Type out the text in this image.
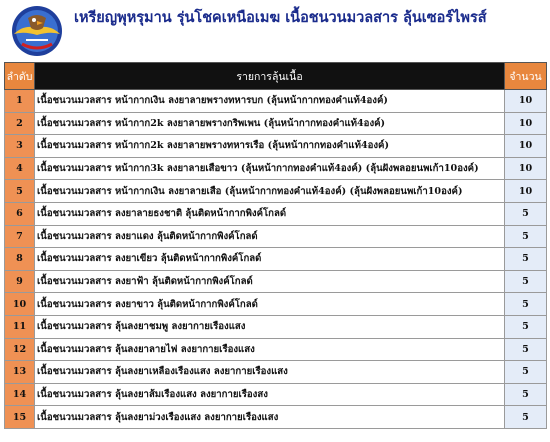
เหรียญพุหรุมาน รุ่นโชคเหนือเมฆ เนื้อชนวนมวลสาร ลุ้นเซอร์ไพรส์
ลำดับ	รายการลุ้นเนื้อ	จำนวน
1	เนื้อชนวนมวลสาร หน้ากากเงิน ลงยาลายพรางทหารบก (ลุ้นหน้ากากทองคำแท้4องค์)	10
2	เนื้อชนวนมวลสาร หน้ากาก2k ลงยาลายพรางกริพเพน (ลุ้นหน้ากากทองคำแท้4องค์)	10
3	เนื้อชนวนมวลสาร หน้ากาก2k ลงยาลายพรางทหารเรือ (ลุ้นหน้ากากทองคำแท้4องค์)	10
4	เนื้อชนวนมวลสาร หน้ากาก3k ลงยาลายเสือขาว (ลุ้นหน้ากากทองคำแท้4องค์) (ลุ้นฝังพลอยนพเก้า10องค์)	10
5	เนื้อชนวนมวลสาร หน้ากากเงิน ลงยาลายเสือ (ลุ้นหน้ากากทองคำแท้4องค์) (ลุ้นฝังพลอยนพเก้า10องค์)	10
6	เนื้อชนวนมวลสาร ลงยาลายธงชาติ ลุ้นติดหน้ากากพิงค์โกลด์	5
7	เนื้อชนวนมวลสาร ลงยาแดง ลุ้นติดหน้ากากพิงค์โกลด์	5
8	เนื้อชนวนมวลสาร ลงยาเขียว ลุ้นติดหน้ากากพิงค์โกลด์	5
9	เนื้อชนวนมวลสาร ลงยาฟ้า ลุ้นติดหน้ากากพิงค์โกลด์	5
10	เนื้อชนวนมวลสาร ลงยาขาว ลุ้นติดหน้ากากพิงค์โกลด์	5
11	เนื้อชนวนมวลสาร ลุ้นลงยาชมพู ลงยากายเรืองแสง	5
12	เนื้อชนวนมวลสาร ลุ้นลงยาลายไฟ ลงยากายเรืองแสง	5
13	เนื้อชนวนมวลสาร ลุ้นลงยาเหลืองเรืองแสง ลงยากายเรืองแสง	5
14	เนื้อชนวนมวลสาร ลุ้นลงยาส้มเรืองแสง ลงยากายเรืองสง	5
15	เนื้อชนวนมวลสาร ลุ้นลงยาม่วงเรืองแสง ลงยากายเรืองแสง	5
